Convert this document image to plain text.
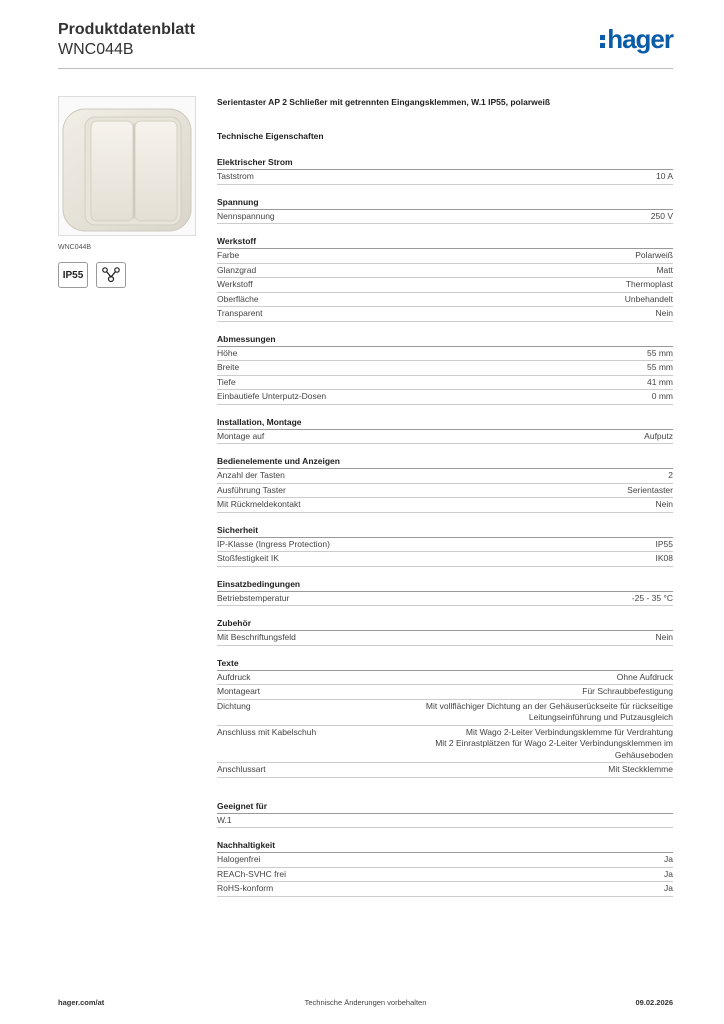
Produktdatenblatt
WNC044B	hager
WNC044B
IP55
Serientaster AP 2 Schließer mit getrennten Eingangsklemmen, W.1 IP55, polarweiß
Technische Eigenschaften
Elektrischer Strom
Taststrom	10 A
Spannung
Nennspannung	250 V
Werkstoff
Farbe	Polarweiß
Glanzgrad	Matt
Werkstoff	Thermoplast
Oberfläche	Unbehandelt
Transparent	Nein
Abmessungen
Höhe	55 mm
Breite	55 mm
Tiefe	41 mm
Einbautiefe Unterputz-Dosen	0 mm
Installation, Montage
Montage auf	Aufputz
Bedienelemente und Anzeigen
Anzahl der Tasten	2
Ausführung Taster	Serientaster
Mit Rückmeldekontakt	Nein
Sicherheit
IP-Klasse (Ingress Protection)	IP55
Stoßfestigkeit IK	IK08
Einsatzbedingungen
Betriebstemperatur	-25 - 35 °C
Zubehör
Mit Beschriftungsfeld	Nein
Texte
Aufdruck	Ohne Aufdruck
Montageart	Für Schraubbefestigung
Dichtung	Mit vollflächiger Dichtung an der Gehäuserückseite für rückseitige
Leitungseinführung und Putzausgleich
Anschluss mit Kabelschuh	Mit Wago 2-Leiter Verbindungsklemme für Verdrahtung
Mit 2 Einrastplätzen für Wago 2-Leiter Verbindungsklemmen im
Gehäuseboden
Anschlussart	Mit Steckklemme
Geeignet für
W.1
Nachhaltigkeit
Halogenfrei	Ja
REACh-SVHC frei	Ja
RoHS-konform	Ja
hager.com/at	Technische Änderungen vorbehalten	09.02.2026
